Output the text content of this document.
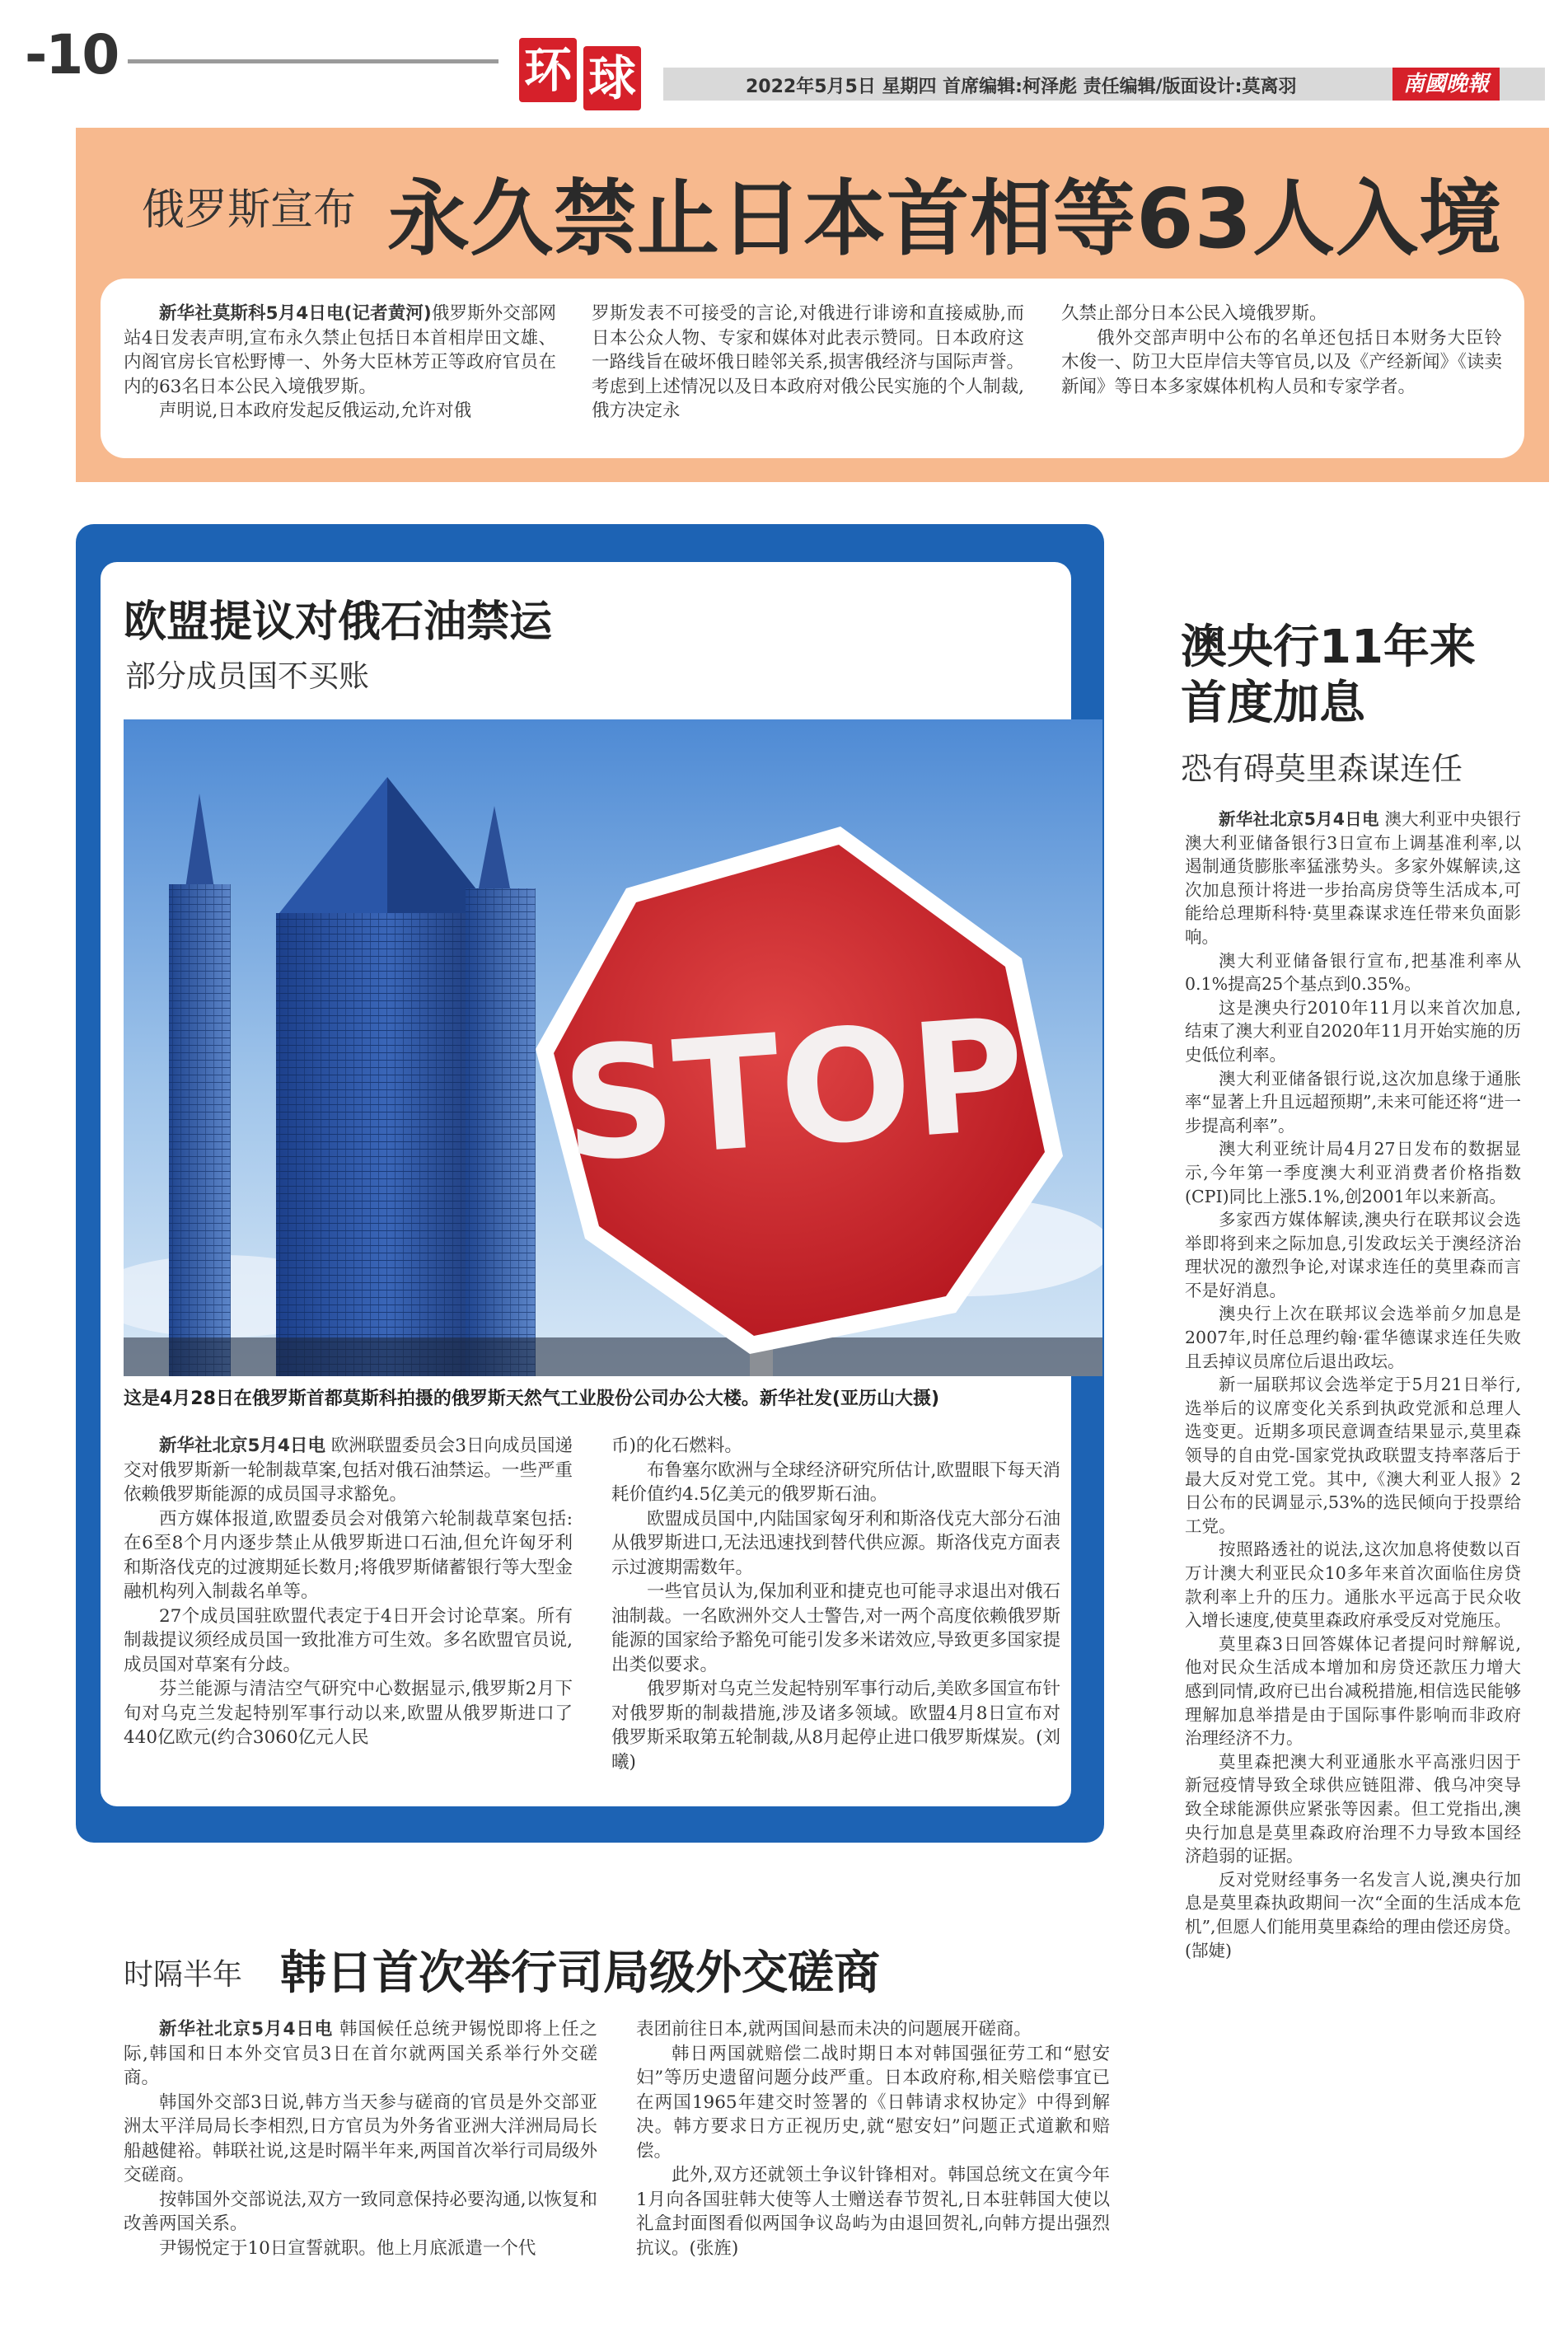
-10	环 球	2022年5月5日 星期四 首席编辑:柯泽彪 责任编辑/版面设计:莫离羽	南國晚報
俄罗斯宣布 永久禁止日本首相等63人入境

新华社莫斯科5月4日电(记者黄河)俄罗斯外交部网站4日发表声明,宣布永久禁止包括日本首相岸田文雄、内阁官房长官松野博一、外务大臣林芳正等政府官员在内的63名日本公民入境俄罗斯。

声明说,日本政府发起反俄运动,允许对俄

罗斯发表不可接受的言论,对俄进行诽谤和直接威胁,而日本公众人物、专家和媒体对此表示赞同。日本政府这一路线旨在破坏俄日睦邻关系,损害俄经济与国际声誉。考虑到上述情况以及日本政府对俄公民实施的个人制裁,俄方决定永

久禁止部分日本公民入境俄罗斯。

俄外交部声明中公布的名单还包括日本财务大臣铃木俊一、防卫大臣岸信夫等官员,以及《产经新闻》《读卖新闻》等日本多家媒体机构人员和专家学者。

欧盟提议对俄石油禁运
部分成员国不买账
STOP
这是4月28日在俄罗斯首都莫斯科拍摄的俄罗斯天然气工业股份公司办公大楼。新华社发(亚历山大摄)

新华社北京5月4日电 欧洲联盟委员会3日向成员国递交对俄罗斯新一轮制裁草案,包括对俄石油禁运。一些严重依赖俄罗斯能源的成员国寻求豁免。

西方媒体报道,欧盟委员会对俄第六轮制裁草案包括:在6至8个月内逐步禁止从俄罗斯进口石油,但允许匈牙利和斯洛伐克的过渡期延长数月;将俄罗斯储蓄银行等大型金融机构列入制裁名单等。

27个成员国驻欧盟代表定于4日开会讨论草案。所有制裁提议须经成员国一致批准方可生效。多名欧盟官员说,成员国对草案有分歧。

芬兰能源与清洁空气研究中心数据显示,俄罗斯2月下旬对乌克兰发起特别军事行动以来,欧盟从俄罗斯进口了440亿欧元(约合3060亿元人民

币)的化石燃料。

布鲁塞尔欧洲与全球经济研究所估计,欧盟眼下每天消耗价值约4.5亿美元的俄罗斯石油。

欧盟成员国中,内陆国家匈牙利和斯洛伐克大部分石油从俄罗斯进口,无法迅速找到替代供应源。斯洛伐克方面表示过渡期需数年。

一些官员认为,保加利亚和捷克也可能寻求退出对俄石油制裁。一名欧洲外交人士警告,对一两个高度依赖俄罗斯能源的国家给予豁免可能引发多米诺效应,导致更多国家提出类似要求。

俄罗斯对乌克兰发起特别军事行动后,美欧多国宣布针对俄罗斯的制裁措施,涉及诸多领域。欧盟4月8日宣布对俄罗斯采取第五轮制裁,从8月起停止进口俄罗斯煤炭。(刘曦)

澳央行11年来
首度加息
恐有碍莫里森谋连任

新华社北京5月4日电 澳大利亚中央银行澳大利亚储备银行3日宣布上调基准利率,以遏制通货膨胀率猛涨势头。多家外媒解读,这次加息预计将进一步抬高房贷等生活成本,可能给总理斯科特·莫里森谋求连任带来负面影响。

澳大利亚储备银行宣布,把基准利率从0.1%提高25个基点到0.35%。

这是澳央行2010年11月以来首次加息,结束了澳大利亚自2020年11月开始实施的历史低位利率。

澳大利亚储备银行说,这次加息缘于通胀率“显著上升且远超预期”,未来可能还将“进一步提高利率”。

澳大利亚统计局4月27日发布的数据显示,今年第一季度澳大利亚消费者价格指数(CPI)同比上涨5.1%,创2001年以来新高。

多家西方媒体解读,澳央行在联邦议会选举即将到来之际加息,引发政坛关于澳经济治理状况的激烈争论,对谋求连任的莫里森而言不是好消息。

澳央行上次在联邦议会选举前夕加息是2007年,时任总理约翰·霍华德谋求连任失败且丢掉议员席位后退出政坛。

新一届联邦议会选举定于5月21日举行,选举后的议席变化关系到执政党派和总理人选变更。近期多项民意调查结果显示,莫里森领导的自由党-国家党执政联盟支持率落后于最大反对党工党。其中,《澳大利亚人报》2日公布的民调显示,53%的选民倾向于投票给工党。

按照路透社的说法,这次加息将使数以百万计澳大利亚民众10多年来首次面临住房贷款利率上升的压力。通胀水平远高于民众收入增长速度,使莫里森政府承受反对党施压。

莫里森3日回答媒体记者提问时辩解说,他对民众生活成本增加和房贷还款压力增大感到同情,政府已出台减税措施,相信选民能够理解加息举措是由于国际事件影响而非政府治理经济不力。

莫里森把澳大利亚通胀水平高涨归因于新冠疫情导致全球供应链阻滞、俄乌冲突导致全球能源供应紧张等因素。但工党指出,澳央行加息是莫里森政府治理不力导致本国经济趋弱的证据。

反对党财经事务一名发言人说,澳央行加息是莫里森执政期间一次“全面的生活成本危机”,但愿人们能用莫里森给的理由偿还房贷。(郜婕)

时隔半年 韩日首次举行司局级外交磋商

新华社北京5月4日电 韩国候任总统尹锡悦即将上任之际,韩国和日本外交官员3日在首尔就两国关系举行外交磋商。

韩国外交部3日说,韩方当天参与磋商的官员是外交部亚洲太平洋局局长李相烈,日方官员为外务省亚洲大洋洲局局长船越健裕。韩联社说,这是时隔半年来,两国首次举行司局级外交磋商。

按韩国外交部说法,双方一致同意保持必要沟通,以恢复和改善两国关系。

尹锡悦定于10日宣誓就职。他上月底派遣一个代

表团前往日本,就两国间悬而未决的问题展开磋商。

韩日两国就赔偿二战时期日本对韩国强征劳工和“慰安妇”等历史遗留问题分歧严重。日本政府称,相关赔偿事宜已在两国1965年建交时签署的《日韩请求权协定》中得到解决。韩方要求日方正视历史,就“慰安妇”问题正式道歉和赔偿。

此外,双方还就领土争议针锋相对。韩国总统文在寅今年1月向各国驻韩大使等人士赠送春节贺礼,日本驻韩国大使以礼盒封面图看似两国争议岛屿为由退回贺礼,向韩方提出强烈抗议。(张旌)
